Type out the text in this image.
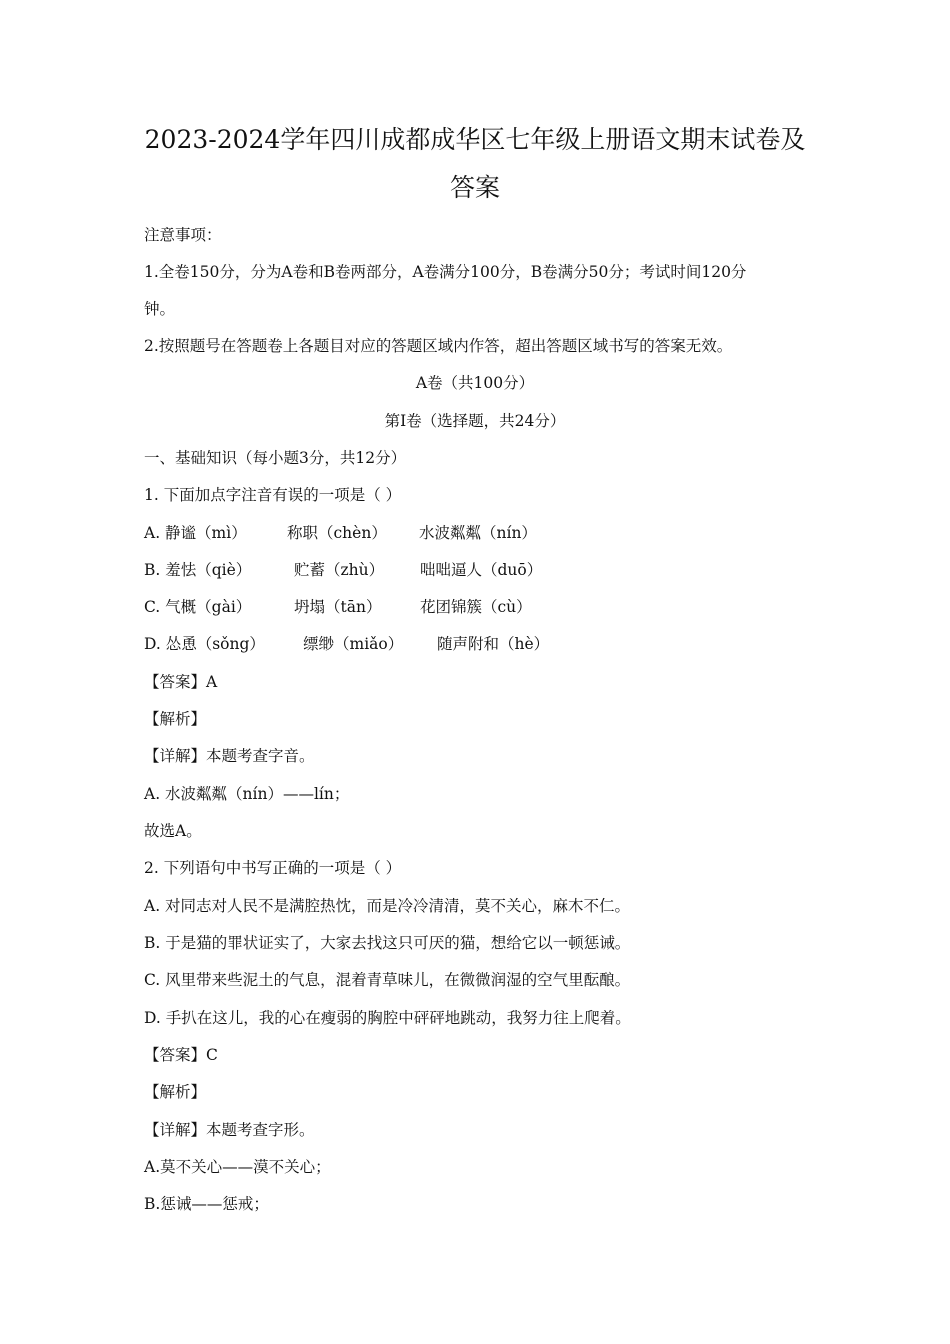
2023-2024学年四川成都成华区七年级上册语文期末试卷及
答案
注意事项：
1.全卷150分，分为A卷和B卷两部分，A卷满分100分，B卷满分50分；考试时间120分
钟。
2.按照题号在答题卷上各题目对应的答题区域内作答，超出答题区域书写的答案无效。
A卷（共100分）
第Ⅰ卷（选择题，共24分）
一、基础知识（每小题3分，共12分）
1. 下面加点字注音有误的一项是（ ）
A. 静谧（mì）	称职（chèn） 水波粼粼（nín）
B. 羞怯（qiè）	贮蓄（zhù） 咄咄逼人（duō）
C. 气概（gài）	坍塌（tān） 花团锦簇（cù）
D. 怂恿（sǒng） 缥缈（miǎo） 随声附和（hè）
【答案】A
【解析】
【详解】本题考查字音。
A. 水波粼粼（nín）——lín；
故选A。
2. 下列语句中书写正确的一项是（ ）
A. 对同志对人民不是满腔热忱，而是冷冷清清，莫不关心，麻木不仁。
B. 于是猫的罪状证实了，大家去找这只可厌的猫，想给它以一顿惩诫。
C. 风里带来些泥土的气息，混着青草味儿，在微微润湿的空气里酝酿。
D. 手扒在这儿，我的心在瘦弱的胸腔中砰砰地跳动，我努力往上爬着。
【答案】C
【解析】
【详解】本题考查字形。
A.莫不关心——漠不关心；
B.惩诫——惩戒；
